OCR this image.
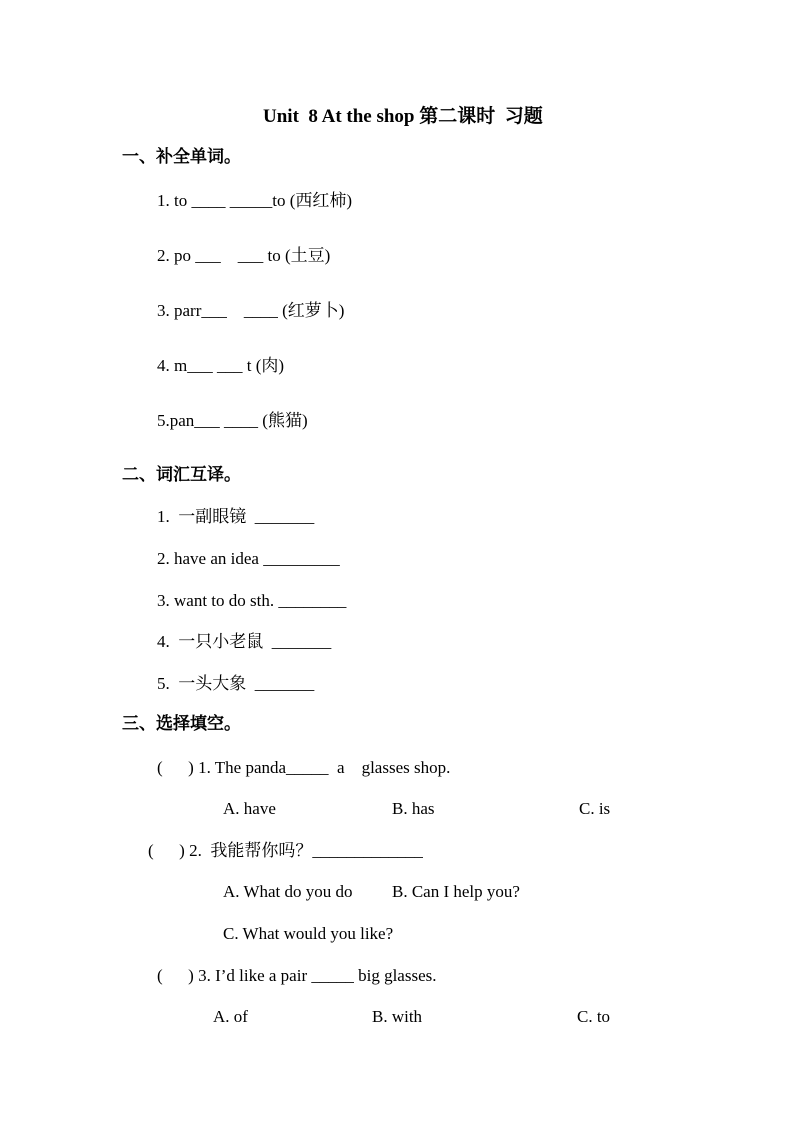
Unit  8 At the shop 第二课时  习题
一、补全单词。
1. to ____ _____to (西红柿)
2. po ___    ___ to (土豆)
3. parr___    ____ (红萝卜)
4. m___ ___ t (肉)
5.pan___ ____ (熊猫)
二、词汇互译。
1.  一副眼镜  _______
2. have an idea _________
3. want to do sth. ________
4.  一只小老鼠  _______
5.  一头大象  _______
三、选择填空。
(      ) 1. The panda_____  a    glasses shop.
A. have	B. has	C. is
(      ) 2.  我能帮你吗？_____________
A. What do you do B. Can I help you?
C. What would you like?
(      ) 3. I’d like a pair _____ big glasses.
A. of	B. with	C. to
